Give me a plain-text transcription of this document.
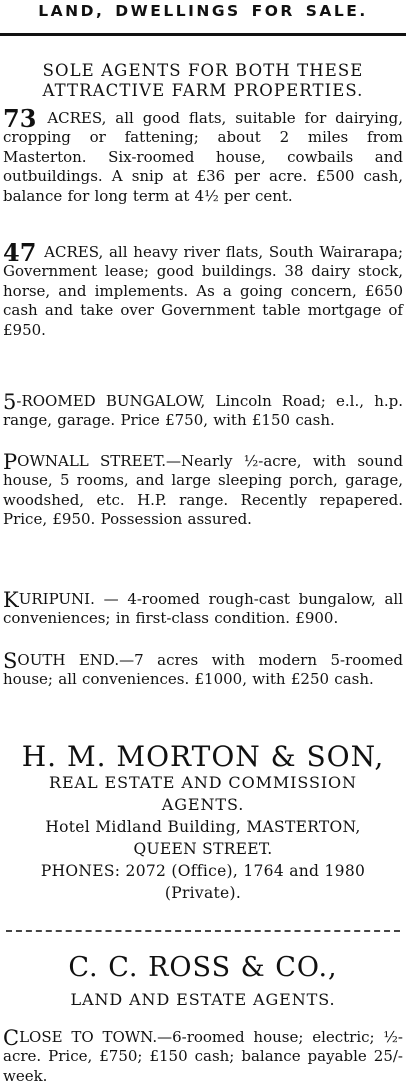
LAND, DWELLINGS FOR SALE.
SOLE AGENTS FOR BOTH THESE
ATTRACTIVE FARM PROPERTIES.
73 ACRES, all good flats, suitable for dairying, cropping or fattening; about 2 miles from Masterton. Six-roomed house, cowbails and outbuildings. A snip at £36 per acre. £500 cash, balance for long term at 4½ per cent.
47 ACRES, all heavy river flats, South Wairarapa; Government lease; good buildings. 38 dairy stock, horse, and implements. As a going concern, £650 cash and take over Government table mortgage of £950.
5-ROOMED BUNGALOW, Lincoln Road; e.l., h.p. range, garage. Price £750, with £150 cash.
POWNALL STREET.—Nearly ½-acre, with sound house, 5 rooms, and large sleeping porch, garage, woodshed, etc. H.P. range. Recently repapered. Price, £950. Possession assured.
KURIPUNI. — 4-roomed rough-cast bungalow, all conveniences; in first-class condition. £900.
SOUTH END.—7 acres with modern 5-roomed house; all conveniences. £1000, with £250 cash.
H. M. MORTON & SON,
REAL ESTATE AND COMMISSION
AGENTS.
Hotel Midland Building, MASTERTON,
QUEEN STREET.
PHONES: 2072 (Office), 1764 and 1980
(Private).
C. C. ROSS & CO.,
LAND AND ESTATE AGENTS.
CLOSE TO TOWN.—6-roomed house; electric; ½-acre. Price, £750; £150 cash; balance payable 25/- week.
